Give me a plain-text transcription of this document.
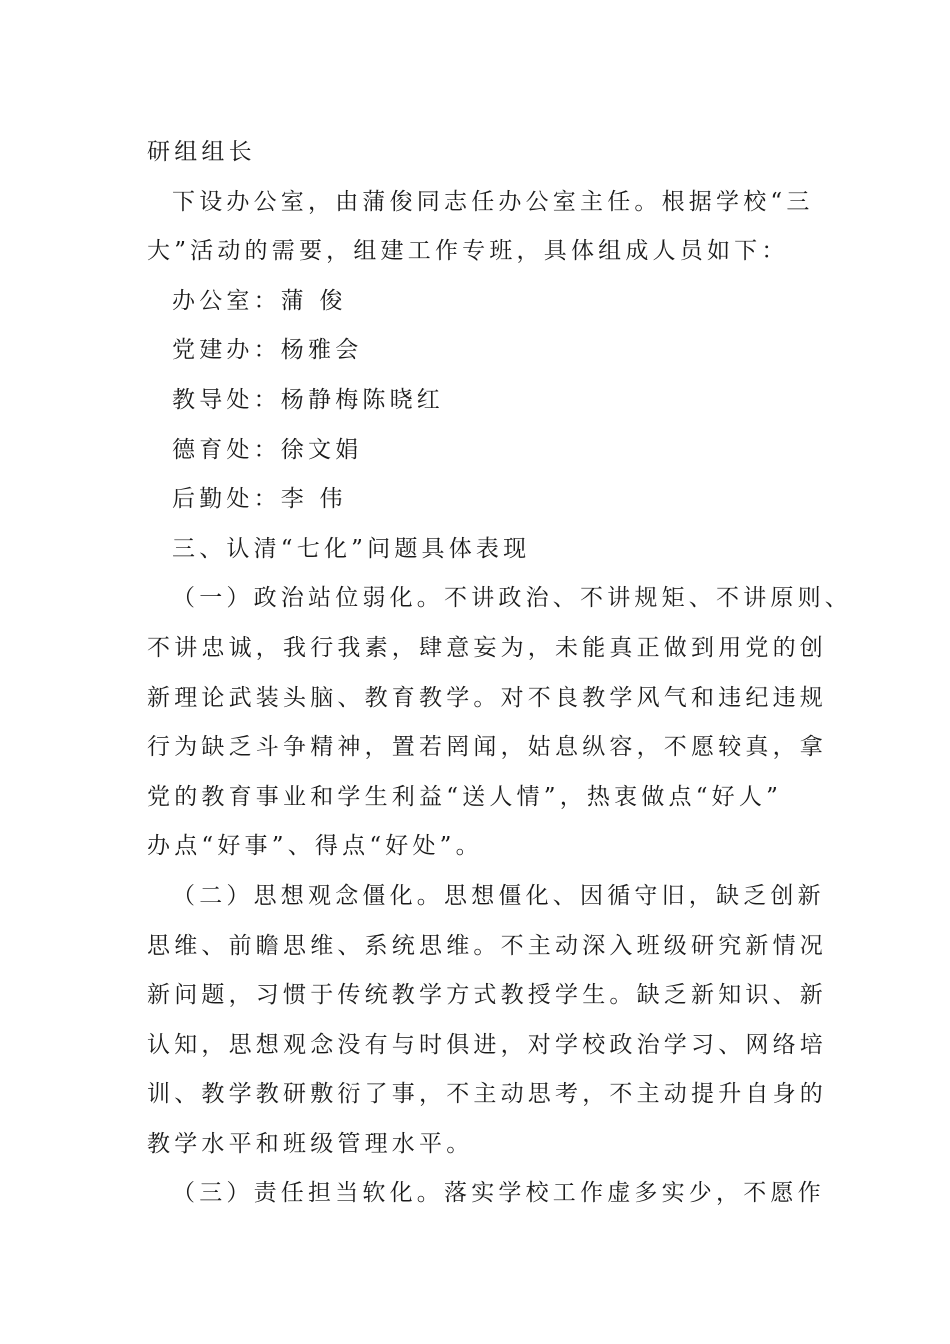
研组组长
下设办公室，由蒲俊同志任办公室主任。根据学校“三
大”活动的需要，组建工作专班，具体组成人员如下：
办公室：蒲 俊
党建办：杨雅会
教导处：杨静梅陈晓红
德育处：徐文娟
后勤处：李 伟
三、认清“七化”问题具体表现
（一）政治站位弱化。不讲政治、不讲规矩、不讲原则、
不讲忠诚，我行我素，肆意妄为，未能真正做到用党的创
新理论武装头脑、教育教学。对不良教学风气和违纪违规
行为缺乏斗争精神，置若罔闻，姑息纵容，不愿较真，拿
党的教育事业和学生利益“送人情”，热衷做点“好人”
办点“好事”、得点“好处”。
（二）思想观念僵化。思想僵化、因循守旧，缺乏创新
思维、前瞻思维、系统思维。不主动深入班级研究新情况
新问题，习惯于传统教学方式教授学生。缺乏新知识、新
认知，思想观念没有与时俱进，对学校政治学习、网络培
训、教学教研敷衍了事，不主动思考，不主动提升自身的
教学水平和班级管理水平。
（三）责任担当软化。落实学校工作虚多实少，不愿作
